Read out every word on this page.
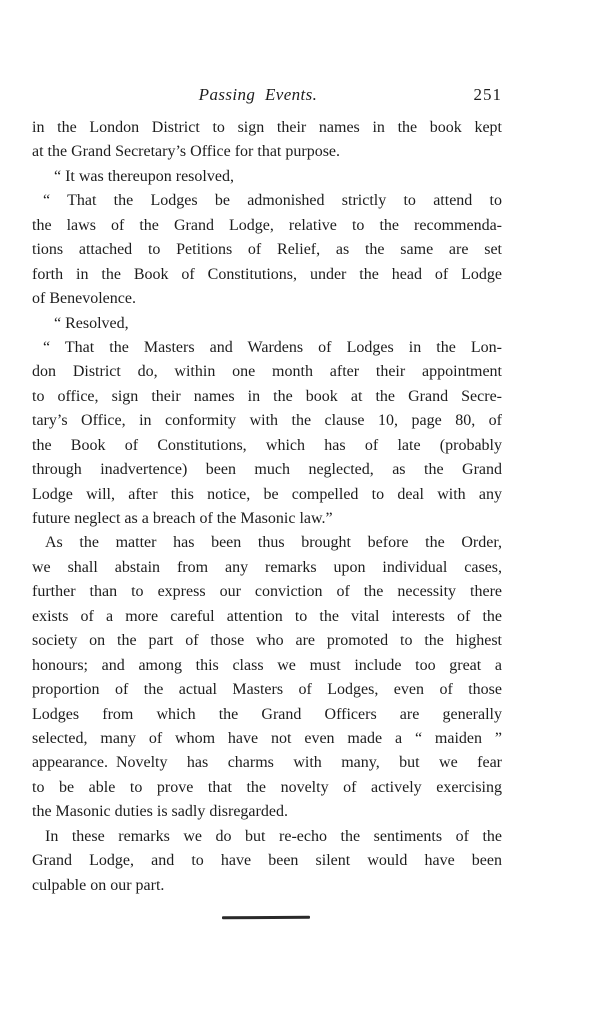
Passing Events.	251
in the London District to sign their names in the book kept
at the Grand Secretary’s Office for that purpose.
“ It was thereupon resolved,
“ That the Lodges be admonished strictly to attend to
the laws of the Grand Lodge, relative to the recommenda-
tions attached to Petitions of Relief, as the same are set
forth in the Book of Constitutions, under the head of Lodge
of Benevolence.
“ Resolved,
“ That the Masters and Wardens of Lodges in the Lon-
don District do, within one month after their appointment
to office, sign their names in the book at the Grand Secre-
tary’s Office, in conformity with the clause 10, page 80, of
the Book of Constitutions, which has of late (probably
through inadvertence) been much neglected, as the Grand
Lodge will, after this notice, be compelled to deal with any
future neglect as a breach of the Masonic law.”
As the matter has been thus brought before the Order,
we shall abstain from any remarks upon individual cases,
further than to express our conviction of the necessity there
exists of a more careful attention to the vital interests of the
society on the part of those who are promoted to the highest
honours; and among this class we must include too great a
proportion of the actual Masters of Lodges, even of those
Lodges from which the Grand Officers are generally
selected, many of whom have not even made a “ maiden ”
appearance. Novelty has charms with many, but we fear
to be able to prove that the novelty of actively exercising
the Masonic duties is sadly disregarded.
In these remarks we do but re-echo the sentiments of the
Grand Lodge, and to have been silent would have been
culpable on our part.
